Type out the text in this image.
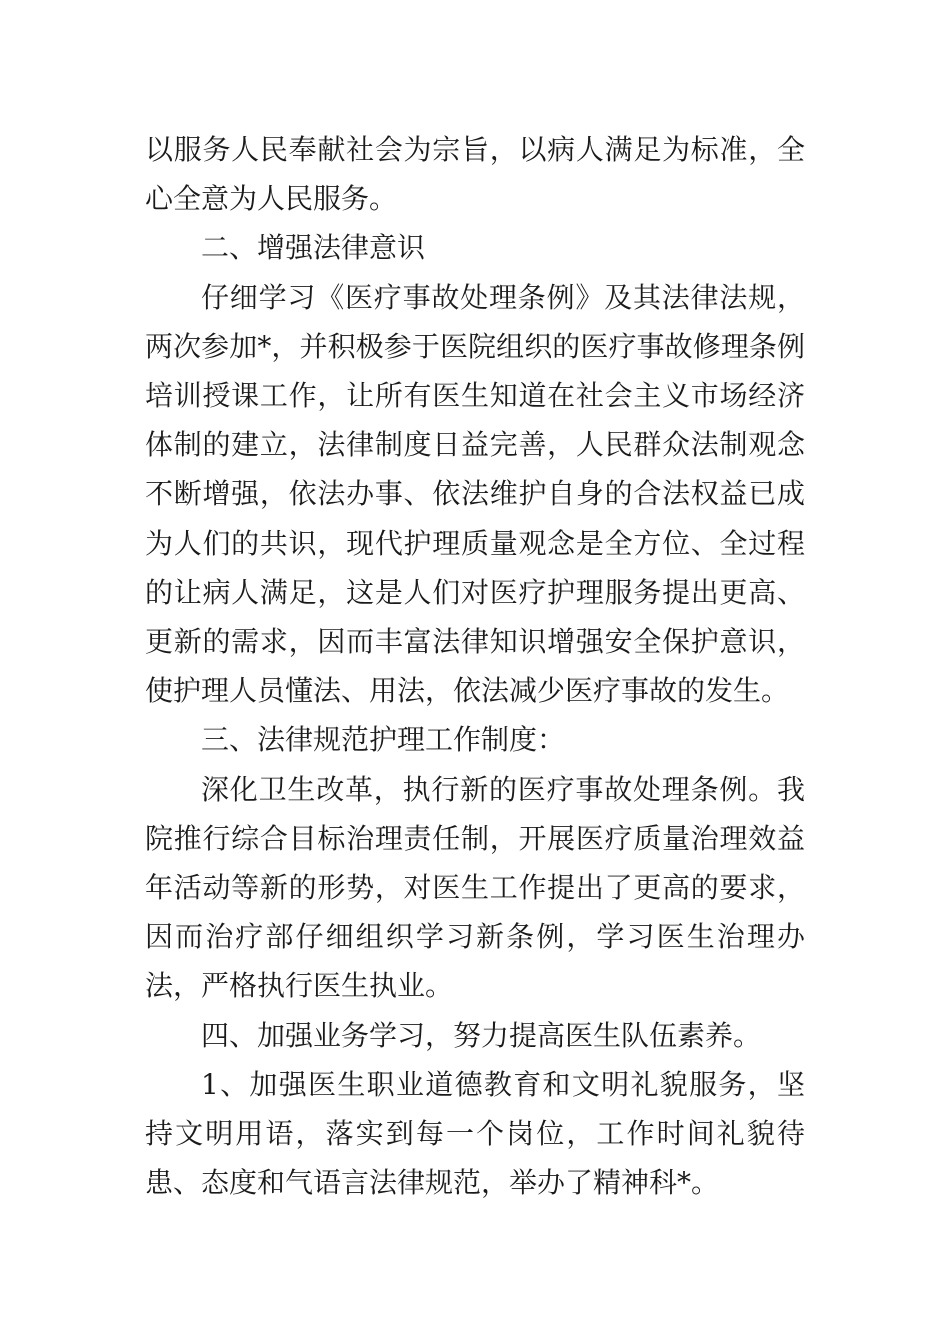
以服务人民奉献社会为宗旨，以病人满足为标准，全心全意为人民服务。

二、增强法律意识

仔细学习《医疗事故处理条例》及其法律法规，两次参加*，并积极参于医院组织的医疗事故修理条例培训授课工作，让所有医生知道在社会主义市场经济体制的建立，法律制度日益完善，人民群众法制观念不断增强，依法办事、依法维护自身的合法权益已成为人们的共识，现代护理质量观念是全方位、全过程的让病人满足，这是人们对医疗护理服务提出更高、更新的需求，因而丰富法律知识增强安全保护意识，使护理人员懂法、用法，依法减少医疗事故的发生。

三、法律规范护理工作制度：

深化卫生改革，执行新的医疗事故处理条例。我院推行综合目标治理责任制，开展医疗质量治理效益年活动等新的形势，对医生工作提出了更高的要求，因而治疗部仔细组织学习新条例，学习医生治理办法，严格执行医生执业。

四、加强业务学习，努力提高医生队伍素养。

1、加强医生职业道德教育和文明礼貌服务，坚持文明用语，落实到每一个岗位，工作时间礼貌待患、态度和气语言法律规范，举办了精神科*。
